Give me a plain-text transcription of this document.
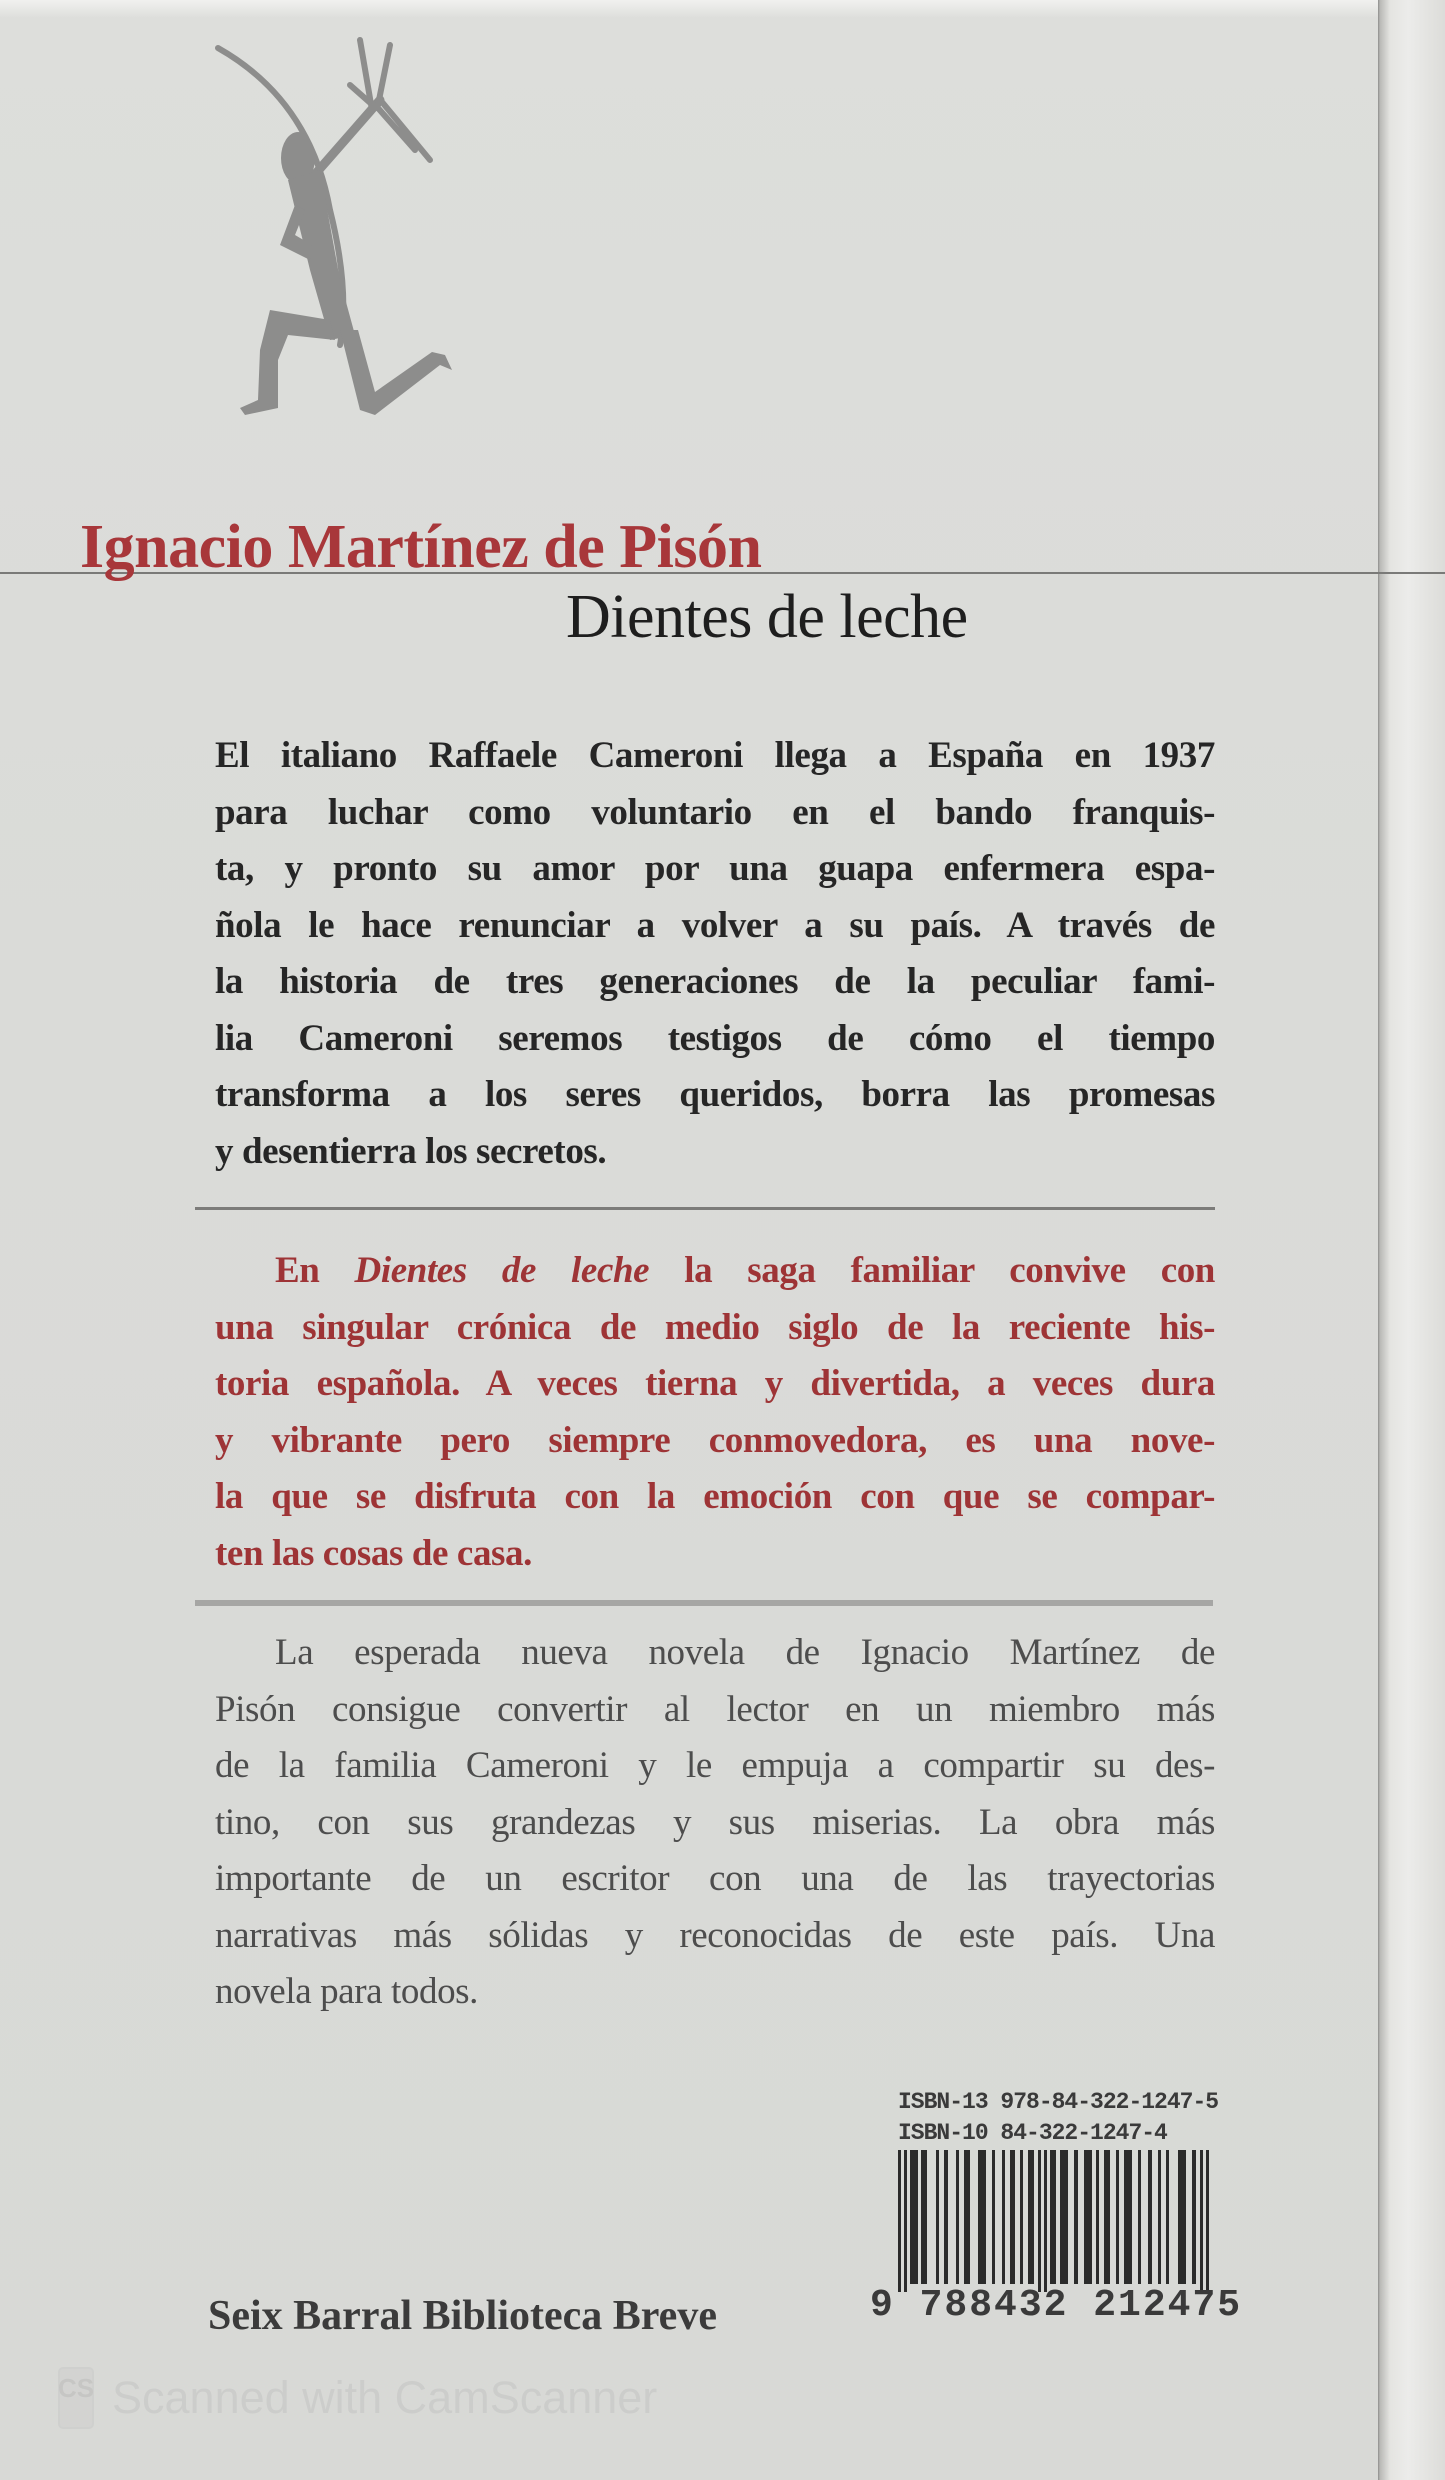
Ignacio Martínez de Pisón
Dientes de leche
El italiano Raffaele Cameroni llega a España en 1937
para luchar como voluntario en el bando franquis-
ta, y pronto su amor por una guapa enfermera espa-
ñola le hace renunciar a volver a su país. A través de
la historia de tres generaciones de la peculiar fami-
lia Cameroni seremos testigos de cómo el tiempo
transforma a los seres queridos, borra las promesas
y desentierra los secretos.
En Dientes de leche la saga familiar convive con
una singular crónica de medio siglo de la reciente his-
toria española. A veces tierna y divertida, a veces dura
y vibrante pero siempre conmovedora, es una nove-
la que se disfruta con la emoción con que se compar-
ten las cosas de casa.
La esperada nueva novela de Ignacio Martínez de
Pisón consigue convertir al lector en un miembro más
de la familia Cameroni y le empuja a compartir su des-
tino, con sus grandezas y sus miserias. La obra más
importante de un escritor con una de las trayectorias
narrativas más sólidas y reconocidas de este país. Una
novela para todos.
ISBN-13 978-84-322-1247-5
ISBN-10 84-322-1247-4
9 788432 212475
Seix Barral Biblioteca Breve
CS Scanned with CamScanner
